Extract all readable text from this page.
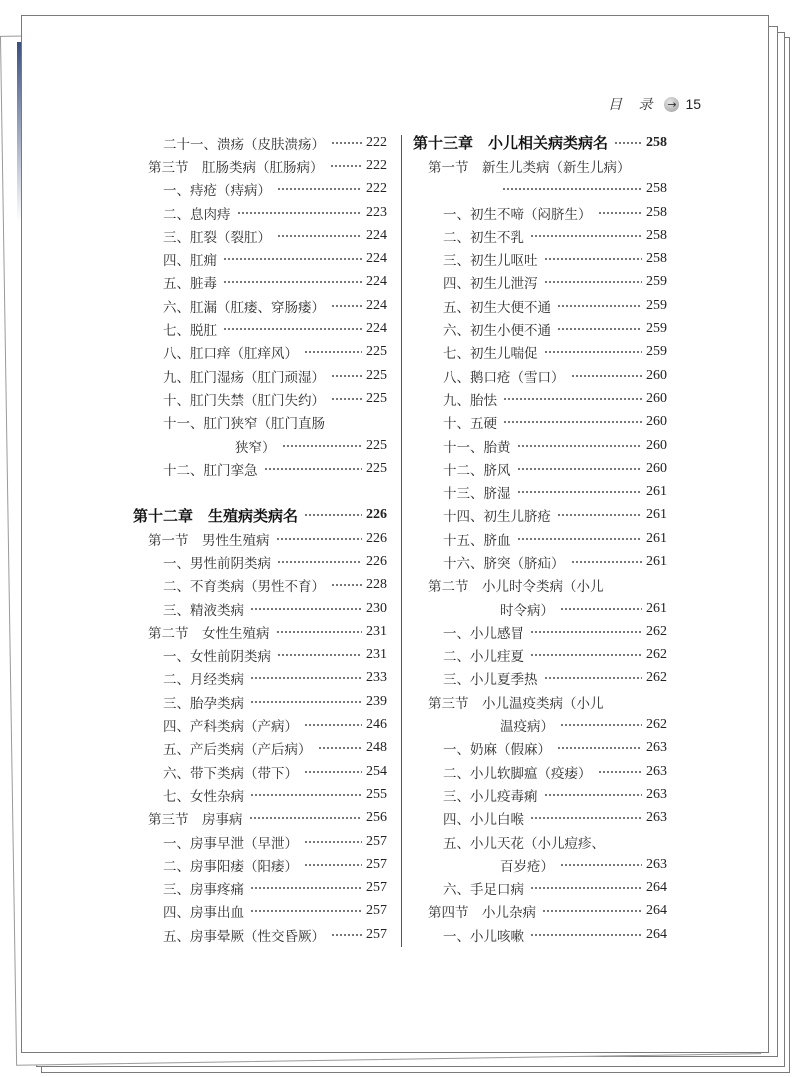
目 录 → 15
二十一、溃疡（皮肤溃疡）	222
第三节　肛肠类病（肛肠病）	222
一、痔疮（痔病）	222
二、息肉痔	223
三、肛裂（裂肛）	224
四、肛痈	224
五、脏毒	224
六、肛漏（肛瘘、穿肠瘘）	224
七、脱肛	224
八、肛口痒（肛痒风）	225
九、肛门湿疡（肛门顽湿）	225
十、肛门失禁（肛门失约）	225
十一、肛门狭窄（肛门直肠
狭窄）	225
十二、肛门挛急	225
第十二章　生殖病类病名	226
第一节　男性生殖病	226
一、男性前阴类病	226
二、不育类病（男性不育）	228
三、精液类病	230
第二节　女性生殖病	231
一、女性前阴类病	231
二、月经类病	233
三、胎孕类病	239
四、产科类病（产病）	246
五、产后类病（产后病）	248
六、带下类病（带下）	254
七、女性杂病	255
第三节　房事病	256
一、房事早泄（早泄）	257
二、房事阳痿（阳痿）	257
三、房事疼痛	257
四、房事出血	257
五、房事晕厥（性交昏厥）	257
第十三章　小儿相关病类病名	258
第一节　新生儿类病（新生儿病）
258
一、初生不啼（闷脐生）	258
二、初生不乳	258
三、初生儿呕吐	258
四、初生儿泄泻	259
五、初生大便不通	259
六、初生小便不通	259
七、初生儿喘促	259
八、鹅口疮（雪口）	260
九、胎怯	260
十、五硬	260
十一、胎黄	260
十二、脐风	260
十三、脐湿	261
十四、初生儿脐疮	261
十五、脐血	261
十六、脐突（脐疝）	261
第二节　小儿时令类病（小儿
时令病）	261
一、小儿感冒	262
二、小儿疰夏	262
三、小儿夏季热	262
第三节　小儿温疫类病（小儿
温疫病）	262
一、奶麻（假麻）	263
二、小儿软脚瘟（疫痿）	263
三、小儿疫毒痢	263
四、小儿白喉	263
五、小儿天花（小儿痘疹、
百岁疮）	263
六、手足口病	264
第四节　小儿杂病	264
一、小儿咳嗽	264
